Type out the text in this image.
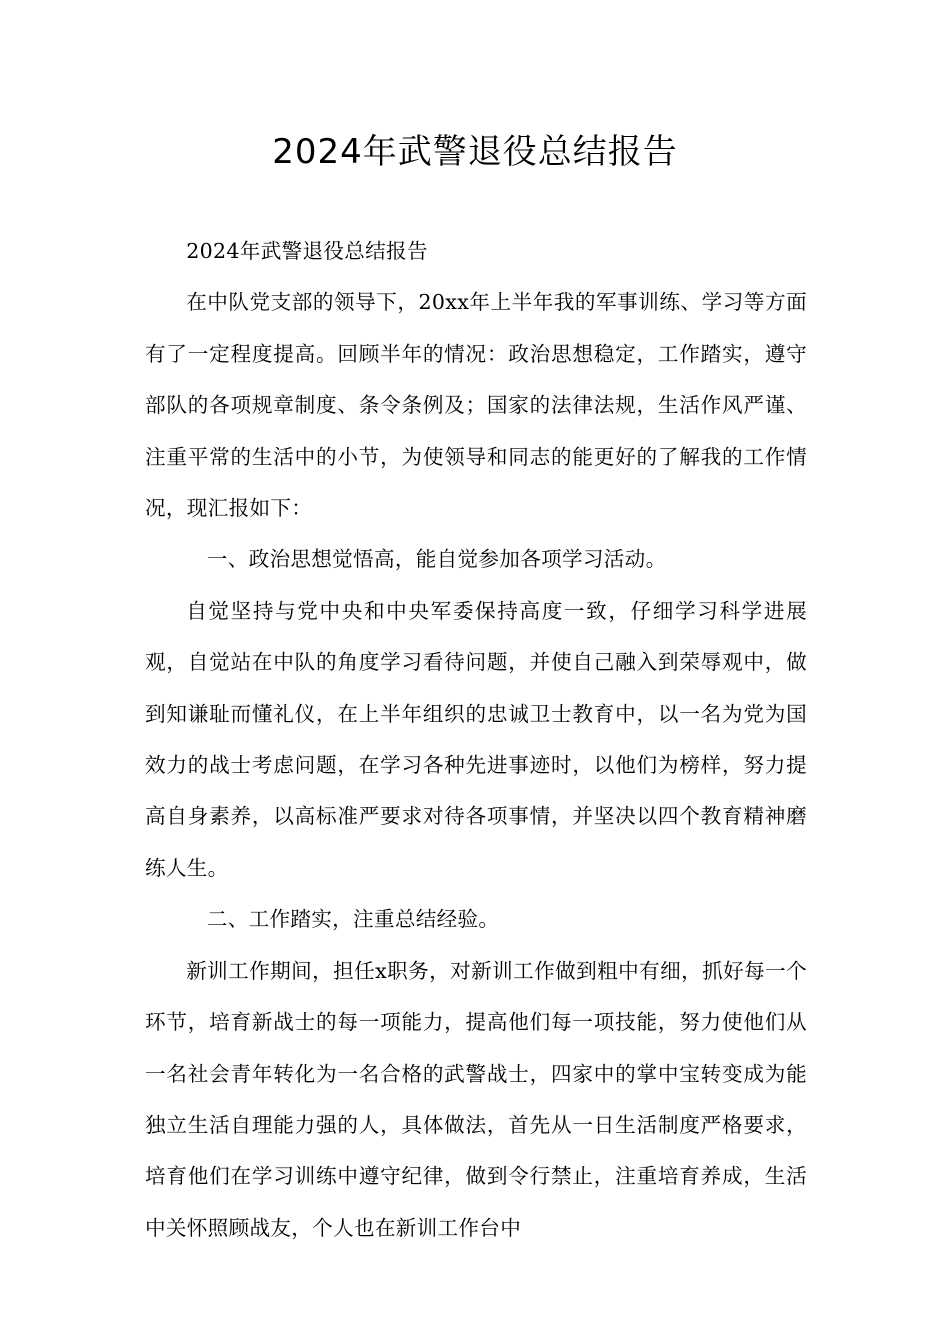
2024年武警退役总结报告

2024年武警退役总结报告

在中队党支部的领导下，20xx年上半年我的军事训练、学习等方面有了一定程度提高。回顾半年的情况：政治思想稳定，工作踏实，遵守部队的各项规章制度、条令条例及；国家的法律法规，生活作风严谨、注重平常的生活中的小节，为使领导和同志的能更好的了解我的工作情况，现汇报如下：

一、政治思想觉悟高，能自觉参加各项学习活动。

自觉坚持与党中央和中央军委保持高度一致，仔细学习科学进展观，自觉站在中队的角度学习看待问题，并使自己融入到荣辱观中，做到知谦耻而懂礼仪，在上半年组织的忠诚卫士教育中，以一名为党为国效力的战士考虑问题，在学习各种先进事迹时，以他们为榜样，努力提高自身素养，以高标准严要求对待各项事情，并坚决以四个教育精神磨练人生。

二、工作踏实，注重总结经验。

新训工作期间，担任x职务，对新训工作做到粗中有细，抓好每一个环节，培育新战士的每一项能力，提高他们每一项技能，努力使他们从一名社会青年转化为一名合格的武警战士，四家中的掌中宝转变成为能独立生活自理能力强的人，具体做法，首先从一日生活制度严格要求，培育他们在学习训练中遵守纪律，做到令行禁止，注重培育养成，生活中关怀照顾战友，个人也在新训工作台中
